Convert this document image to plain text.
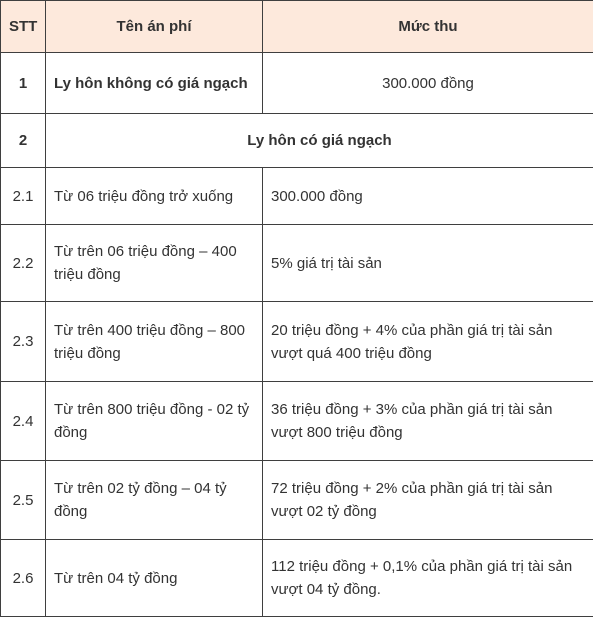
STT	Tên án phí	Mức thu
1	Ly hôn không có giá ngạch	300.000 đồng
2	Ly hôn có giá ngạch	
2.1	Từ 06 triệu đồng trở xuống	300.000 đồng
2.2	Từ trên 06 triệu đồng – 400 triệu đồng	5% giá trị tài sản
2.3	Từ trên 400 triệu đồng – 800 triệu đồng	20 triệu đồng + 4% của phần giá trị tài sản vượt quá 400 triệu đồng
2.4	Từ trên 800 triệu đồng - 02 tỷ đồng	36 triệu đồng + 3% của phần giá trị tài sản vượt 800 triệu đồng
2.5	Từ trên 02 tỷ đồng – 04 tỷ đồng	72 triệu đồng + 2% của phần giá trị tài sản vượt 02 tỷ đồng
2.6	Từ trên 04 tỷ đồng	112 triệu đồng + 0,1% của phần giá trị tài sản vượt 04 tỷ đồng.
